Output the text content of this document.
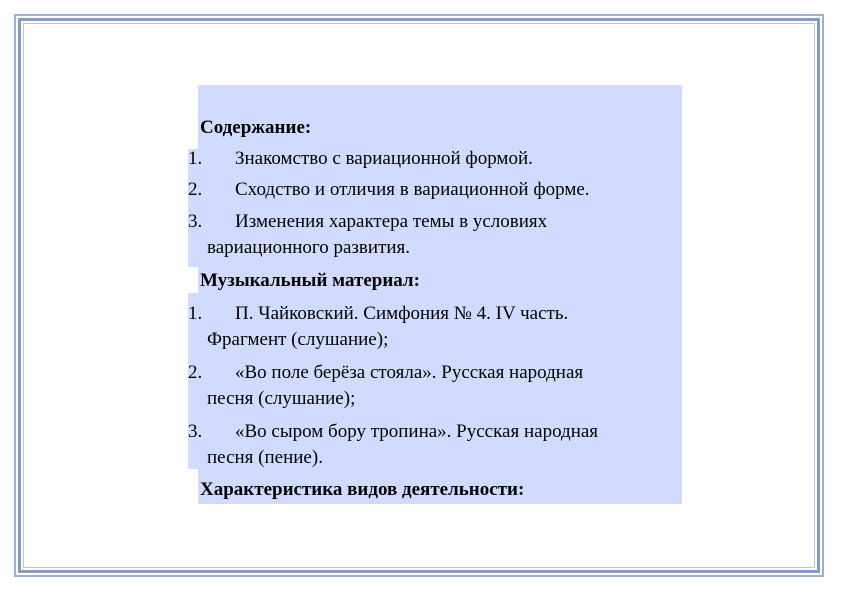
Содержание:
1. Знакомство с вариационной формой.
2. Сходство и отличия в вариационной форме.
3. Изменения характера темы в условиях
вариационного развития.
Музыкальный материал:
1. П. Чайковский. Симфония № 4. IV часть.
Фрагмент (слушание);
2. «Во поле берёза стояла». Русская народная
песня (слушание);
3. «Во сыром бору тропина». Русская народная
песня (пение).
Характеристика видов деятельности:
